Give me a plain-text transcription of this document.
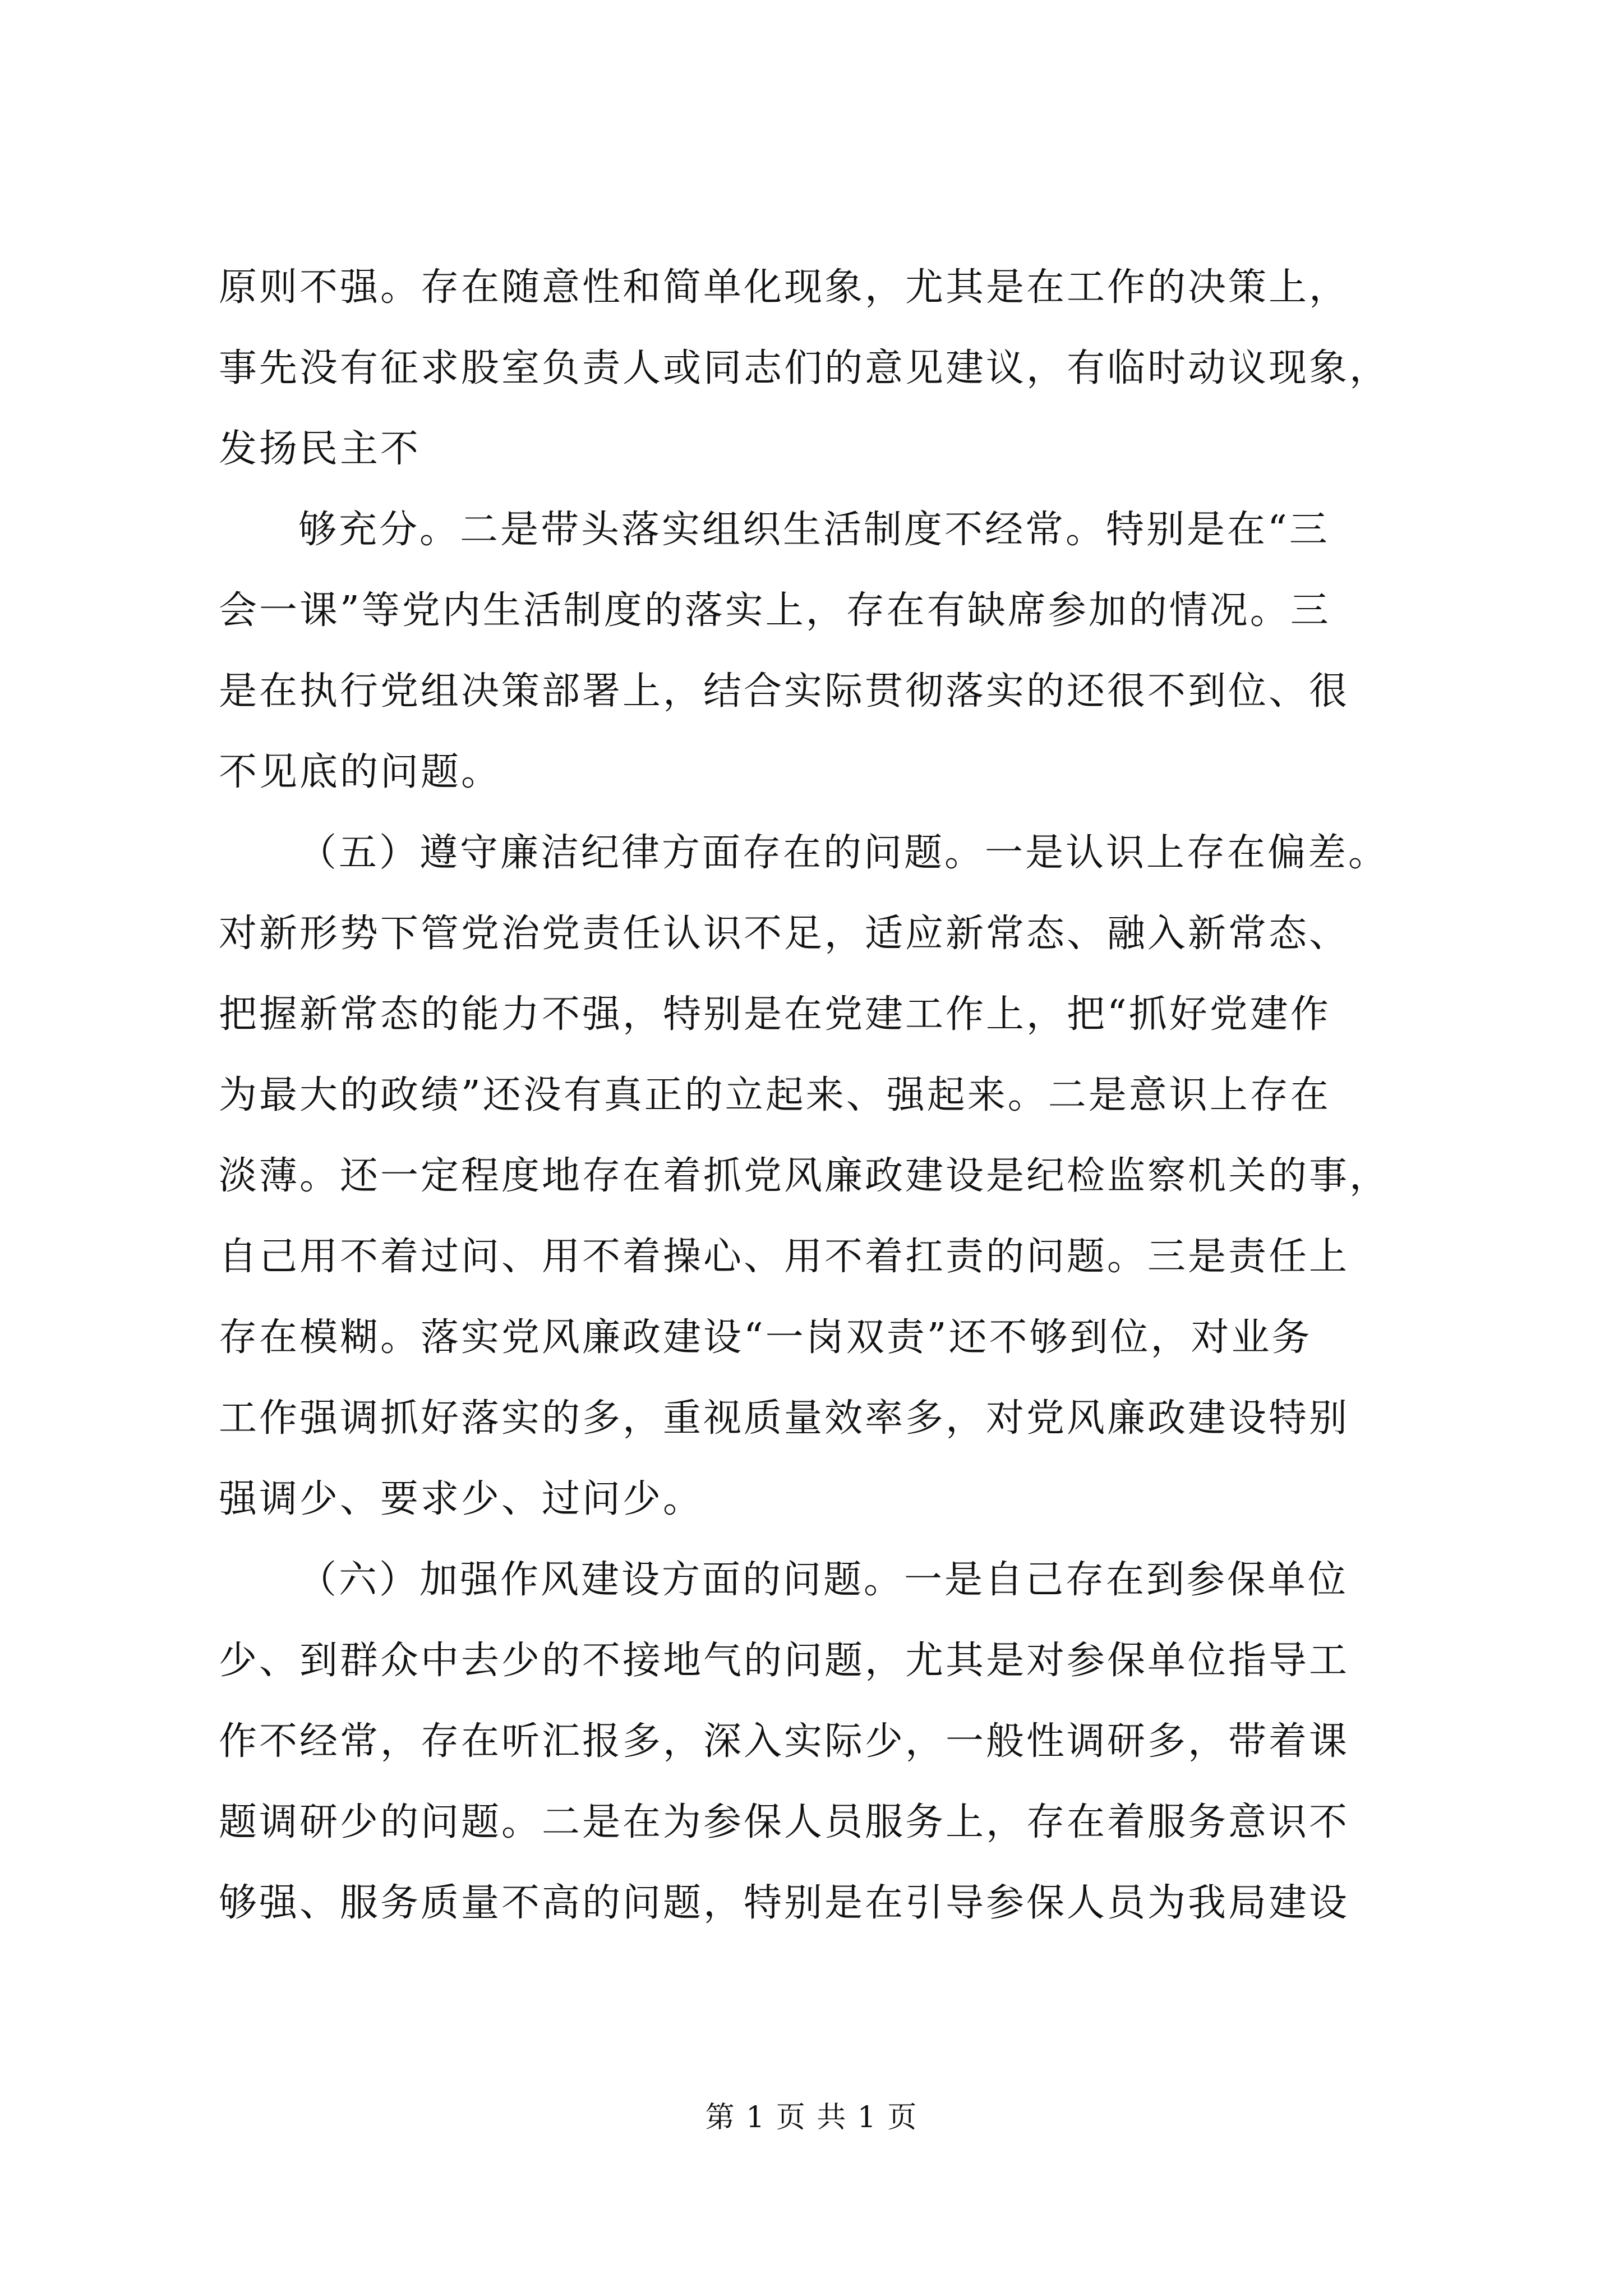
原则不强。存在随意性和简单化现象，尤其是在工作的决策上，
事先没有征求股室负责人或同志们的意见建议，有临时动议现象，
发扬民主不
够充分。二是带头落实组织生活制度不经常。特别是在“三
会一课”等党内生活制度的落实上，存在有缺席参加的情况。三
是在执行党组决策部署上，结合实际贯彻落实的还很不到位、很
不见底的问题。
（五）遵守廉洁纪律方面存在的问题。一是认识上存在偏差。
对新形势下管党治党责任认识不足，适应新常态、融入新常态、
把握新常态的能力不强，特别是在党建工作上，把“抓好党建作
为最大的政绩”还没有真正的立起来、强起来。二是意识上存在
淡薄。还一定程度地存在着抓党风廉政建设是纪检监察机关的事，
自己用不着过问、用不着操心、用不着扛责的问题。三是责任上
存在模糊。落实党风廉政建设“一岗双责”还不够到位，对业务
工作强调抓好落实的多，重视质量效率多，对党风廉政建设特别
强调少、要求少、过问少。
（六）加强作风建设方面的问题。一是自己存在到参保单位
少、到群众中去少的不接地气的问题，尤其是对参保单位指导工
作不经常，存在听汇报多，深入实际少，一般性调研多，带着课
题调研少的问题。二是在为参保人员服务上，存在着服务意识不
够强、服务质量不高的问题，特别是在引导参保人员为我局建设
第 1 页 共 1 页
